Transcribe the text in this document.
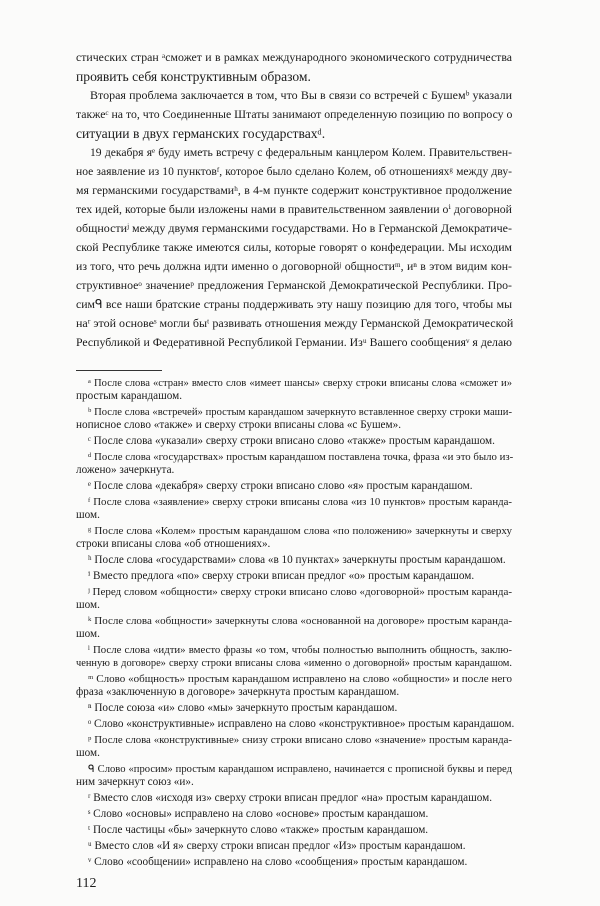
стических стран ᵃсможет и в рамках международного экономического сотрудничества
проявить себя конструктивным образом.
Вторая проблема заключается в том, что Вы в связи со встречей с Бушемᵇ указали
такжеᶜ на то, что Соединенные Штаты занимают определенную позицию по вопросу о
ситуации в двух германских государствахᵈ.
19 декабря яᵉ буду иметь встречу с федеральным канцлером Колем. Правительствен-
ное заявление из 10 пунктовᶠ, которое было сделано Колем, об отношенияхᵍ между дву-
мя германскими государствамиʰ, в 4-м пункте содержит конструктивное продолжение
тех идей, которые были изложены нами в правительственном заявлении оⁱ договорной
общностиʲ между двумя германскими государствами. Но в Германской Демократиче-
ской Республике также имеются силы, которые говорят о конфедерации. Мы исходим
из того, что речь должна идти именно о договорнойʲ общностиᵐ, иⁿ в этом видим кон-
структивноеᵒ значениеᵖ предложения Германской Демократической Республики. Про-
симᑫ все наши братские страны поддерживать эту нашу позицию для того, чтобы мы
наʳ этой основеˢ могли быᵗ развивать отношения между Германской Демократической
Республикой и Федеративной Республикой Германии. Изᵘ Вашего сообщенияᵛ я делаю
ᵃ После слова «стран» вместо слов «имеет шансы» сверху строки вписаны слова «сможет и»
простым карандашом.
ᵇ После слова «встречей» простым карандашом зачеркнуто вставленное сверху строки маши-
нописное слово «также» и сверху строки вписаны слова «с Бушем».
ᶜ После слова «указали» сверху строки вписано слово «также» простым карандашом.
ᵈ После слова «государствах» простым карандашом поставлена точка, фраза «и это было из-
ложено» зачеркнута.
ᵉ После слова «декабря» сверху строки вписано слово «я» простым карандашом.
ᶠ После слова «заявление» сверху строки вписаны слова «из 10 пунктов» простым каранда-
шом.
ᵍ После слова «Колем» простым карандашом слова «по положению» зачеркнуты и сверху
строки вписаны слова «об отношениях».
ʰ После слова «государствами» слова «в 10 пунктах» зачеркнуты простым карандашом.
ⁱ Вместо предлога «по» сверху строки вписан предлог «о» простым карандашом.
ʲ Перед словом «общности» сверху строки вписано слово «договорной» простым каранда-
шом.
ᵏ После слова «общности» зачеркнуты слова «основанной на договоре» простым каранда-
шом.
ˡ После слова «идти» вместо фразы «о том, чтобы полностью выполнить общность, заклю-
ченную в договоре» сверху строки вписаны слова «именно о договорной» простым карандашом.
ᵐ Слово «общность» простым карандашом исправлено на слово «общности» и после него
фраза «заключенную в договоре» зачеркнута простым карандашом.
ⁿ После союза «и» слово «мы» зачеркнуто простым карандашом.
ᵒ Слово «конструктивные» исправлено на слово «конструктивное» простым карандашом.
ᵖ После слова «конструктивные» снизу строки вписано слово «значение» простым каранда-
шом.
ᑫ Слово «просим» простым карандашом исправлено, начинается с прописной буквы и перед
ним зачеркнут союз «и».
ʳ Вместо слов «исходя из» сверху строки вписан предлог «на» простым карандашом.
ˢ Слово «основы» исправлено на слово «основе» простым карандашом.
ᵗ После частицы «бы» зачеркнуто слово «также» простым карандашом.
ᵘ Вместо слов «И я» сверху строки вписан предлог «Из» простым карандашом.
ᵛ Слово «сообщении» исправлено на слово «сообщения» простым карандашом.
112
